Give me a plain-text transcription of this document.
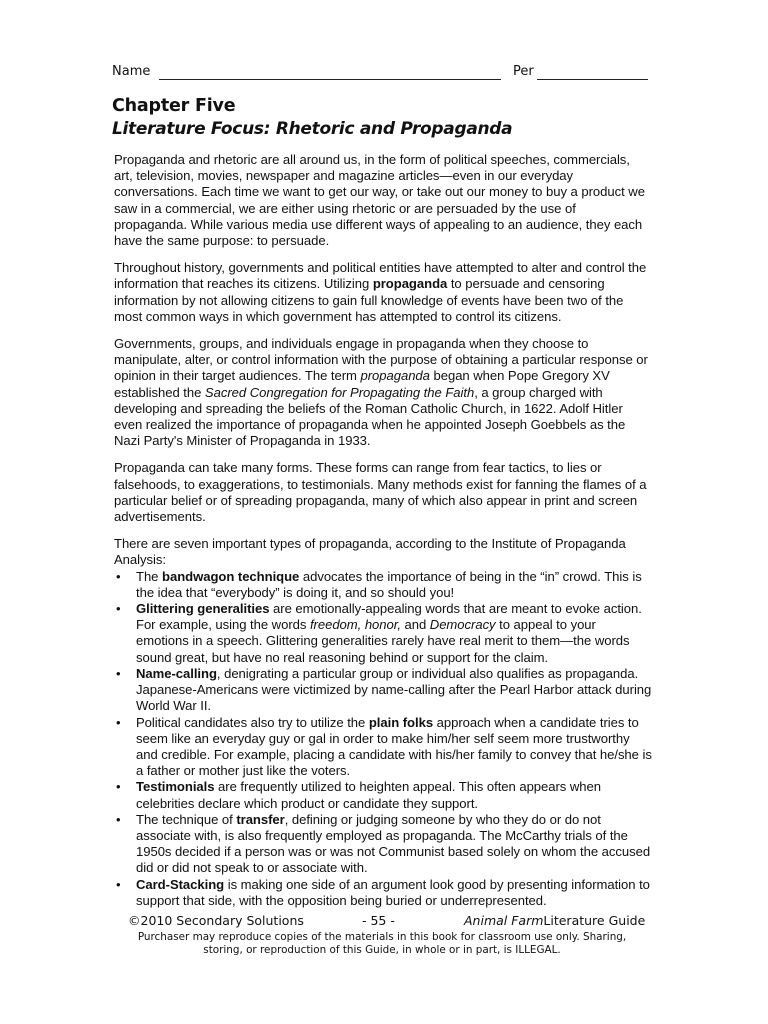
Name	Per
Chapter Five
Literature Focus: Rhetoric and Propaganda

Propaganda and rhetoric are all around us, in the form of political speeches, commercials, art, television, movies, newspaper and magazine articles—even in our everyday conversations. Each time we want to get our way, or take out our money to buy a product we saw in a commercial, we are either using rhetoric or are persuaded by the use of propaganda. While various media use different ways of appealing to an audience, they each have the same purpose: to persuade.

Throughout history, governments and political entities have attempted to alter and control the information that reaches its citizens. Utilizing propaganda to persuade and censoring information by not allowing citizens to gain full knowledge of events have been two of the most common ways in which government has attempted to control its citizens.

Governments, groups, and individuals engage in propaganda when they choose to manipulate, alter, or control information with the purpose of obtaining a particular response or opinion in their target audiences. The term propaganda began when Pope Gregory XV established the Sacred Congregation for Propagating the Faith, a group charged with developing and spreading the beliefs of the Roman Catholic Church, in 1622. Adolf Hitler even realized the importance of propaganda when he appointed Joseph Goebbels as the Nazi Party's Minister of Propaganda in 1933.

Propaganda can take many forms. These forms can range from fear tactics, to lies or falsehoods, to exaggerations, to testimonials. Many methods exist for fanning the flames of a particular belief or of spreading propaganda, many of which also appear in print and screen advertisements.

There are seven important types of propaganda, according to the Institute of Propaganda Analysis:

• The bandwagon technique advocates the importance of being in the “in” crowd. This is the idea that “everybody” is doing it, and so should you!
• Glittering generalities are emotionally-appealing words that are meant to evoke action. For example, using the words freedom, honor, and Democracy to appeal to your emotions in a speech. Glittering generalities rarely have real merit to them—the words sound great, but have no real reasoning behind or support for the claim.
• Name-calling, denigrating a particular group or individual also qualifies as propaganda. Japanese-Americans were victimized by name-calling after the Pearl Harbor attack during World War II.
• Political candidates also try to utilize the plain folks approach when a candidate tries to seem like an everyday guy or gal in order to make him/her self seem more trustworthy and credible. For example, placing a candidate with his/her family to convey that he/she is a father or mother just like the voters.
• Testimonials are frequently utilized to heighten appeal. This often appears when celebrities declare which product or candidate they support.
• The technique of transfer, defining or judging someone by who they do or do not associate with, is also frequently employed as propaganda. The McCarthy trials of the 1950s decided if a person was or was not Communist based solely on whom the accused did or did not speak to or associate with.
• Card-Stacking is making one side of an argument look good by presenting information to support that side, with the opposition being buried or underrepresented.
©2010 Secondary Solutions	- 55 -	Animal Farm Literature Guide
Purchaser may reproduce copies of the materials in this book for classroom use only. Sharing,
storing, or reproduction of this Guide, in whole or in part, is ILLEGAL.
